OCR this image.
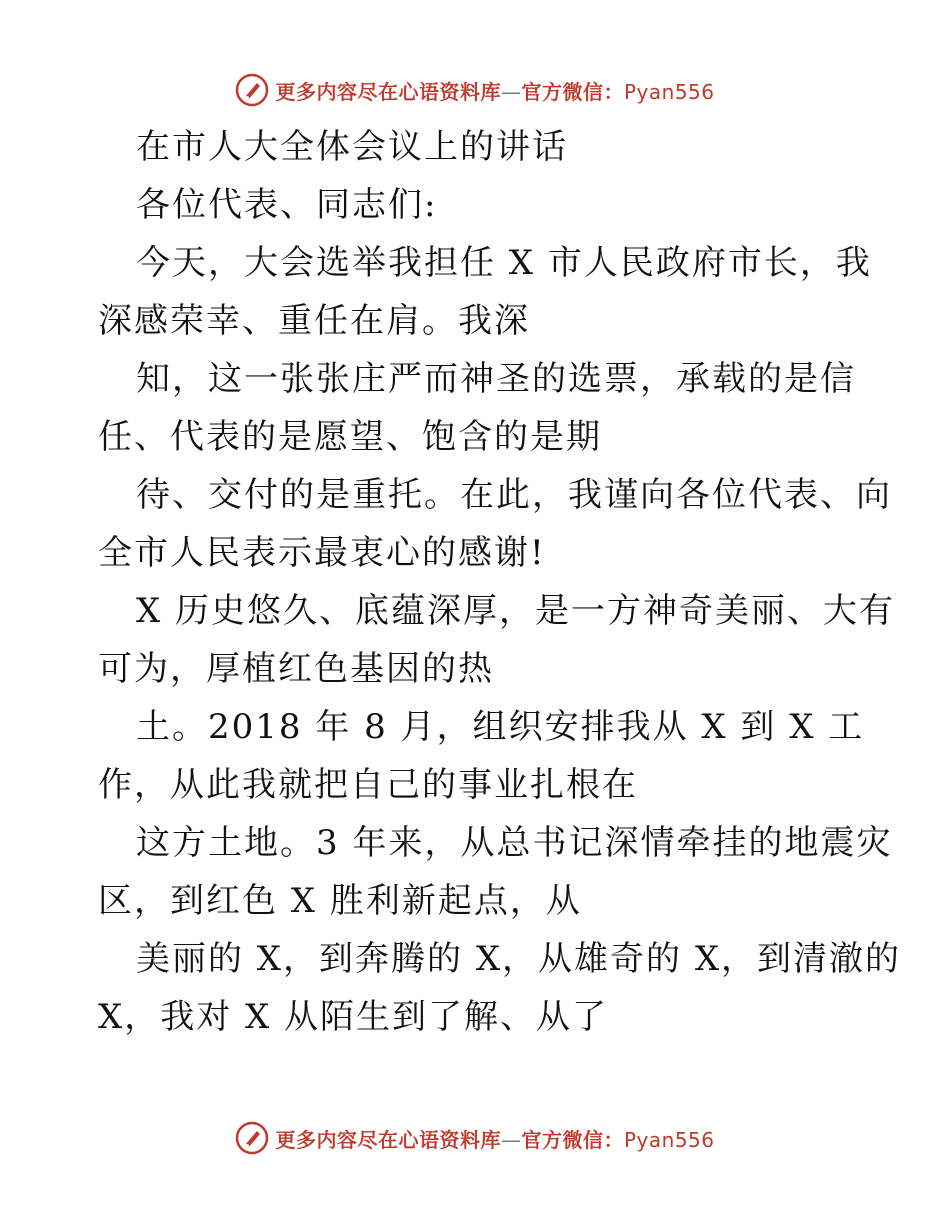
更多内容尽在心语资料库—官方微信：Pyan556
在市人大全体会议上的讲话
各位代表、同志们:
今天，大会选举我担任 X 市人民政府市长，我
深感荣幸、重任在肩。我深
知，这一张张庄严而神圣的选票，承载的是信
任、代表的是愿望、饱含的是期
待、交付的是重托。在此，我谨向各位代表、向
全市人民表示最衷心的感谢!
X 历史悠久、底蕴深厚，是一方神奇美丽、大有
可为，厚植红色基因的热
土。2018 年 8 月，组织安排我从 X 到 X 工
作，从此我就把自己的事业扎根在
这方土地。3 年来，从总书记深情牵挂的地震灾
区，到红色 X 胜利新起点，从
美丽的 X，到奔腾的 X，从雄奇的 X，到清澈的
X，我对 X 从陌生到了解、从了
更多内容尽在心语资料库—官方微信：Pyan556
